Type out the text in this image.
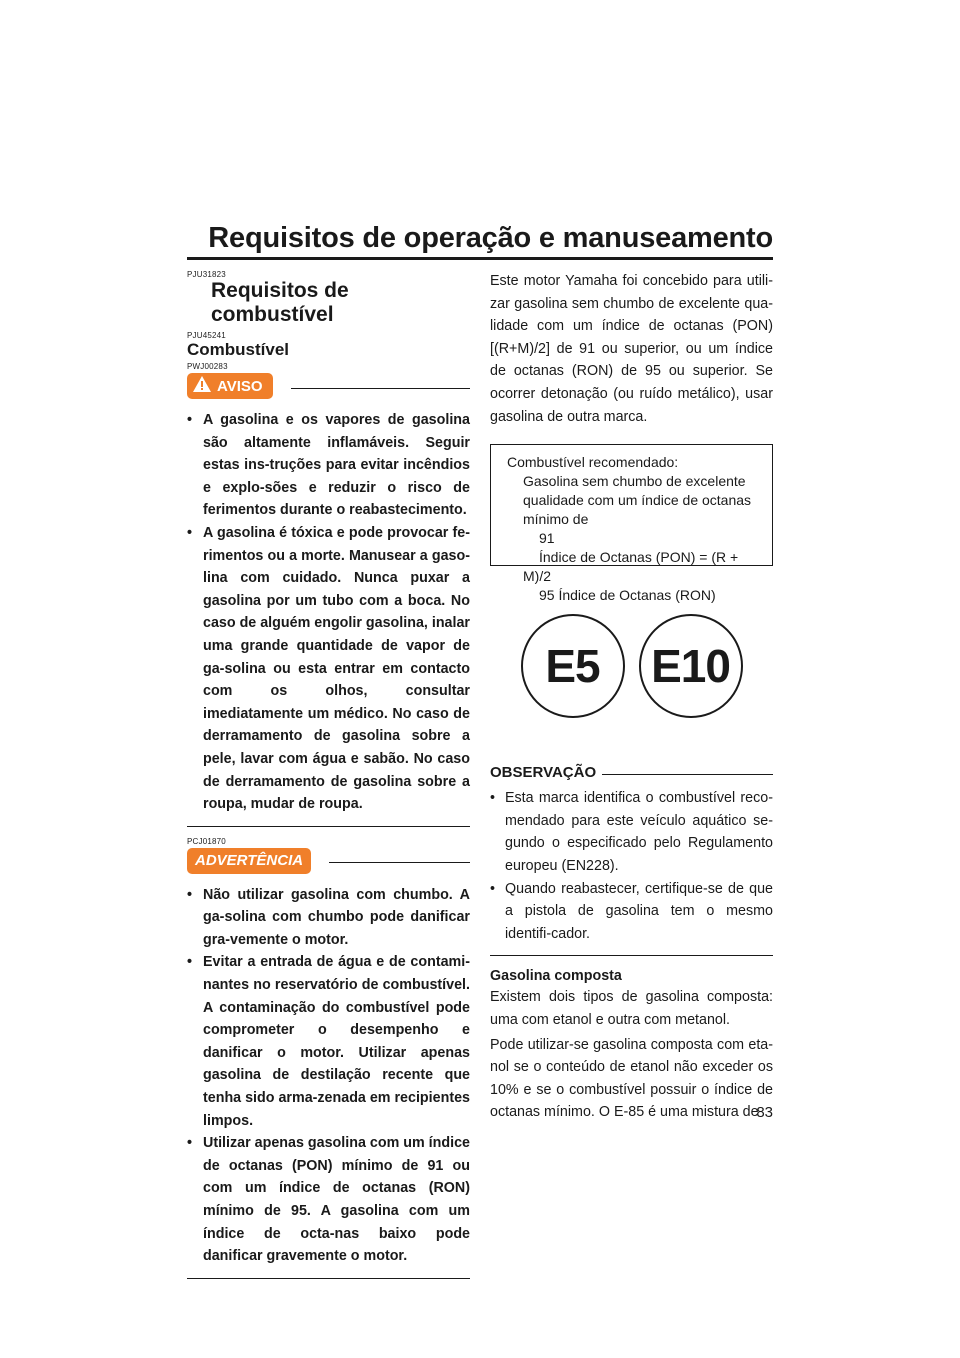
Requisitos de operação e manuseamento
PJU31823
Requisitos de combustível
PJU45241
Combustível
PWJ00283
AVISO
• A gasolina e os vapores de gasolina são altamente inflamáveis. Seguir estas ins-truções para evitar incêndios e explo-sões e reduzir o risco de ferimentos durante o reabastecimento.
• A gasolina é tóxica e pode provocar fe-rimentos ou a morte. Manusear a gaso-lina com cuidado. Nunca puxar a gasolina por um tubo com a boca. No caso de alguém engolir gasolina, inalar uma grande quantidade de vapor de ga-solina ou esta entrar em contacto com os olhos, consultar imediatamente um médico. No caso de derramamento de gasolina sobre a pele, lavar com água e sabão. No caso de derramamento de gasolina sobre a roupa, mudar de roupa.
PCJ01870
ADVERTÊNCIA
• Não utilizar gasolina com chumbo. A ga-solina com chumbo pode danificar gra-vemente o motor.
• Evitar a entrada de água e de contami-nantes no reservatório de combustível. A contaminação do combustível pode comprometer o desempenho e danificar o motor. Utilizar apenas gasolina de destilação recente que tenha sido arma-zenada em recipientes limpos.
• Utilizar apenas gasolina com um índice de octanas (PON) mínimo de 91 ou com um índice de octanas (RON) mínimo de 95. A gasolina com um índice de octa-nas baixo pode danificar gravemente o motor.

Este motor Yamaha foi concebido para utili-zar gasolina sem chumbo de excelente qua-lidade com um índice de octanas (PON) [(R+M)/2] de 91 ou superior, ou um índice de octanas (RON) de 95 ou superior. Se ocorrer detonação (ou ruído metálico), usar gasolina de outra marca.

Combustível recomendado:
Gasolina sem chumbo de excelente
qualidade com um índice de octanas
mínimo de
91
Índice de Octanas (PON) = (R +
M)/2
95 Índice de Octanas (RON)
E5	E10
OBSERVAÇÃO
• Esta marca identifica o combustível reco-mendado para este veículo aquático se-gundo o especificado pelo Regulamento europeu (EN228).
• Quando reabastecer, certifique-se de que a pistola de gasolina tem o mesmo identifi-cador.
Gasolina composta

Existem dois tipos de gasolina composta: uma com etanol e outra com metanol.

Pode utilizar-se gasolina composta com eta-nol se o conteúdo de etanol não exceder os 10% e se o combustível possuir o índice de octanas mínimo. O E-85 é uma mistura de

83
